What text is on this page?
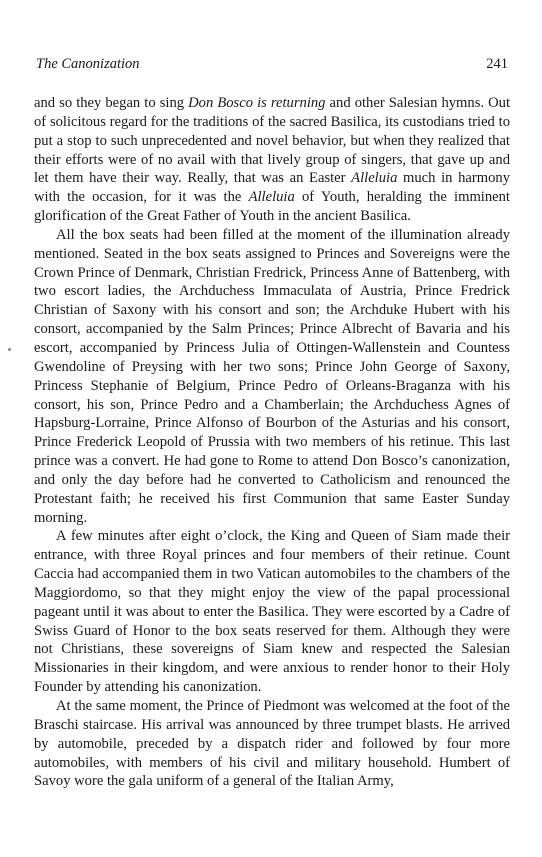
The Canonization	241

and so they began to sing Don Bosco is returning and other Salesian hymns. Out of solicitous regard for the traditions of the sacred Basilica, its custodians tried to put a stop to such unprecedented and novel behavior, but when they realized that their efforts were of no avail with that lively group of singers, that gave up and let them have their way. Really, that was an Easter Alleluia much in harmony with the occasion, for it was the Alleluia of Youth, heralding the imminent glorification of the Great Father of Youth in the ancient Basilica.

All the box seats had been filled at the moment of the illumination already mentioned. Seated in the box seats assigned to Princes and Sovereigns were the Crown Prince of Denmark, Christian Fredrick, Princess Anne of Battenberg, with two escort ladies, the Archduchess Immaculata of Austria, Prince Fredrick Christian of Saxony with his consort and son; the Archduke Hubert with his consort, accompanied by the Salm Princes; Prince Albrecht of Bavaria and his escort, accompanied by Princess Julia of Ottingen-Wallenstein and Countess Gwendoline of Preysing with her two sons; Prince John George of Saxony, Princess Stephanie of Belgium, Prince Pedro of Orleans-Braganza with his consort, his son, Prince Pedro and a Chamberlain; the Archduchess Agnes of Hapsburg-Lorraine, Prince Alfonso of Bourbon of the Asturias and his consort, Prince Frederick Leopold of Prussia with two members of his retinue. This last prince was a convert. He had gone to Rome to attend Don Bosco’s canonization, and only the day before had he converted to Catholicism and renounced the Protestant faith; he received his first Communion that same Easter Sunday morning.

A few minutes after eight o’clock, the King and Queen of Siam made their entrance, with three Royal princes and four members of their retinue. Count Caccia had accompanied them in two Vatican automobiles to the chambers of the Maggiordomo, so that they might enjoy the view of the papal processional pageant until it was about to enter the Basilica. They were escorted by a Cadre of Swiss Guard of Honor to the box seats reserved for them. Although they were not Christians, these sovereigns of Siam knew and respected the Salesian Missionaries in their kingdom, and were anxious to render honor to their Holy Founder by attending his canonization.

At the same moment, the Prince of Piedmont was welcomed at the foot of the Braschi staircase. His arrival was announced by three trumpet blasts. He arrived by automobile, preceded by a dispatch rider and followed by four more automobiles, with members of his civil and military household. Humbert of Savoy wore the gala uniform of a general of the Italian Army,
